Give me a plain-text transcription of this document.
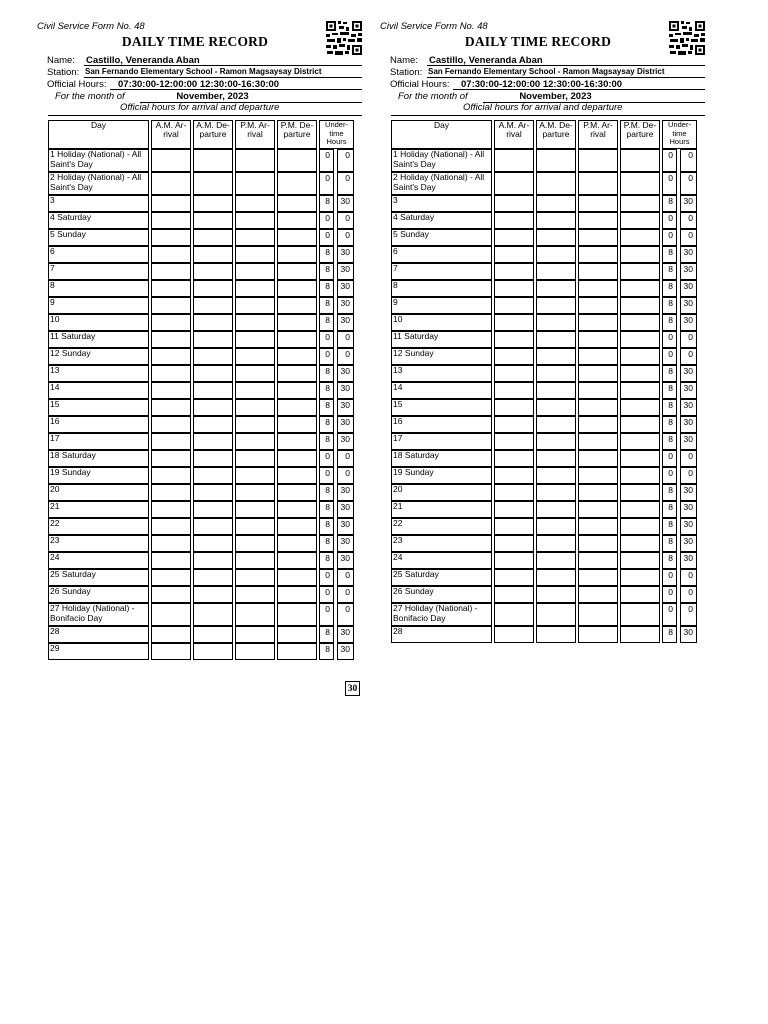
Civil Service Form No. 48
DAILY TIME RECORD
Name: Castillo, Veneranda Aban
Station: San Fernando Elementary School - Ramon Magsaysay District
Official Hours: 07:30:00-12:00:00 12:30:00-16:30:00
For the month of	November, 2023
Official hours for arrival and departure
Day		A.M. Ar-rival		A.M. De-parture		P.M. Ar-rival		P.M. De-parture		Under-time Hours		
1 Holiday (National) - All Saint's Day										0		0
2 Holiday (National) - All Saint's Day										0		0
3										8		30
4 Saturday										0		0
5 Sunday										0		0
6										8		30
7										8		30
8										8		30
9										8		30
10										8		30
11 Saturday										0		0
12 Sunday										0		0
13										8		30
14										8		30
15										8		30
16										8		30
17										8		30
18 Saturday										0		0
19 Sunday										0		0
20										8		30
21										8		30
22										8		30
23										8		30
24										8		30
25 Saturday										0		0
26 Sunday										0		0
27 Holiday (National) - Bonifacio Day										0		0
28										8		30
29										8		30
Civil Service Form No. 48
DAILY TIME RECORD
Name: Castillo, Veneranda Aban
Station: San Fernando Elementary School - Ramon Magsaysay District
Official Hours: 07:30:00-12:00:00 12:30:00-16:30:00
For the month of	November, 2023
Official hours for arrival and departure
Day		A.M. Ar-rival		A.M. De-parture		P.M. Ar-rival		P.M. De-parture		Under-time Hours		
1 Holiday (National) - All Saint's Day										0		0
2 Holiday (National) - All Saint's Day										0		0
3										8		30
4 Saturday										0		0
5 Sunday										0		0
6										8		30
7										8		30
8										8		30
9										8		30
10										8		30
11 Saturday										0		0
12 Sunday										0		0
13										8		30
14										8		30
15										8		30
16										8		30
17										8		30
18 Saturday										0		0
19 Sunday										0		0
20										8		30
21										8		30
22										8		30
23										8		30
24										8		30
25 Saturday										0		0
26 Sunday										0		0
27 Holiday (National) - Bonifacio Day										0		0
28										8		30
30
